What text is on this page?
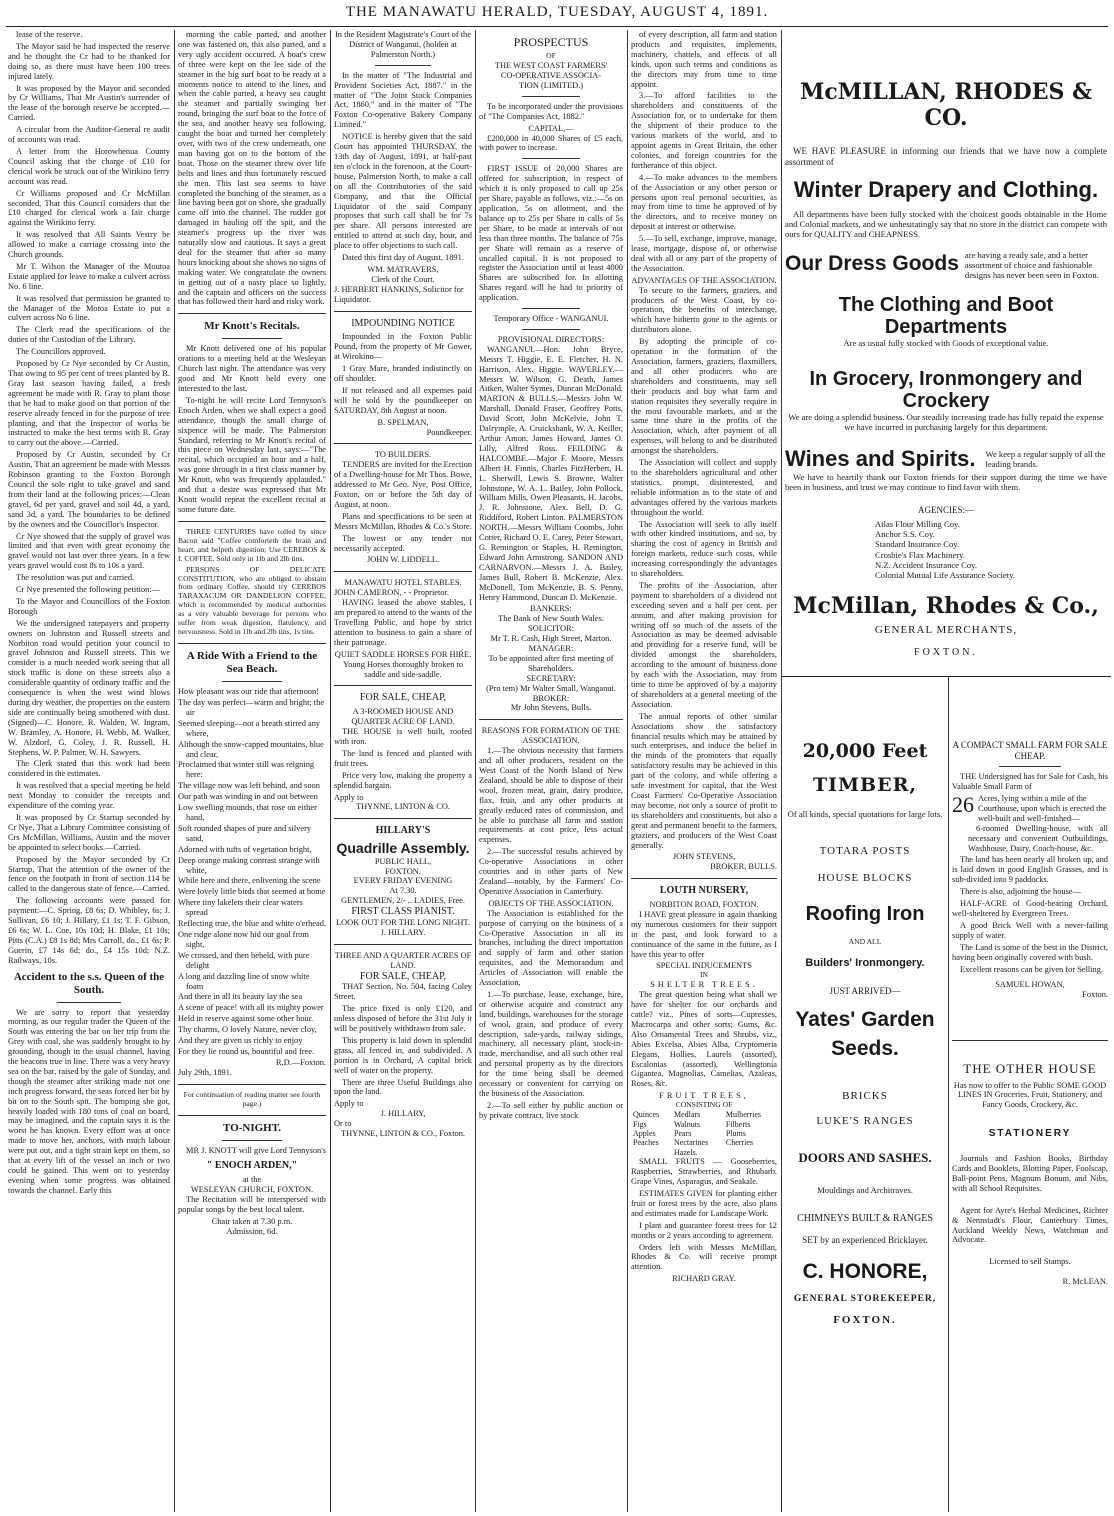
THE MANAWATU HERALD, TUESDAY, AUGUST 4, 1891.

lease of the reserve.

The Mayor said he had inspected the reserve and he thought the Cr had to be thanked for doing so, as there must have been 100 trees injured lately.

It was proposed by the Mayor and seconded by Cr Williams, That Mr Austin's surrender of the lease of the borough reserve be accepted.—Carried.

A circular from the Auditor-General re audit of accounts was read.

A letter from the Horowhenua County Council asking that the charge of £10 for clerical work be struck out of the Wirikino ferry account was read.

Cr Williams proposed and Cr McMillan seconded, That this Council considers that the £10 charged for clerical work a fair charge against the Wirikino ferry.

It was resolved that All Saints Vestry be allowed to make a carriage crossing into the Church grounds.

Mr T. Wilson the Manager of the Moutoa Estate applied for leave to make a culvert across No. 6 line.

It was resolved that permission be granted to the Manager of the Motoa Estate to put a culvert across No 6 line.

The Clerk read the specifications of the duties of the Custodian of the Library.

The Councillors approved.

Proposed by Cr Nye seconded by Cr Austin, That owing to 95 per cent of trees planted by R. Gray last season having failed, a fresh agreement be made with R. Gray to plant those that he had to make good on that portion of the reserve already fenced in for the purpose of tree planting, and that the Inspector of works be instructed to make the best terms with R. Gray to carry out the above.—Carried.

Proposed by Cr Austin, seconded by Cr Austin, That an agreement be made with Messrs Robinson granting to the Foxton Borough Council the sole right to take gravel and sand from their land at the following prices:—Clean gravel, 6d per yard, gravel and soil 4d, a yard, sand 3d, a yard. The boundaries to be defined by the owners and the Councillor's Inspector.

Cr Nye showed that the supply of gravel was limited and that even with great economy the gravel would not last over three years. In a few years gravel would cost 8s to 10s a yard.

The resolution was put and carried.

Cr Nye presented the following petition:—

To the Mayor and Councillors of the Foxton Borough

We the undersigned ratepayers and property owners on Johnston and Russell streets and Norbiton road would petition your council to gravel Johnston and Russell streets. This we consider is a much needed work seeing that all stock traffic is done on these streets also a considerable quantity of ordinary traffic and the consequence is when the west wind blows during dry weather, the properties on the eastern side are continually being smothered with dust. (Signed)—C. Honore, R. Walden, W. Ingram, W. Bramley, A. Honore, H. Webb, M. Walker, W. Alzdorf, G. Coley, J. R. Russell, H. Stephens, W. P. Palmer, W. H. Sawyers.

The Clerk stated that this work had been considered in the estimates.

It was resolved that a special meeting be held next Monday to consider the receipts and expenditure of the coming year.

It was proposed by Cr Startup seconded by Cr Nye, That a Library Committee consisting of Crs McMillan, Williams, Austin and the mover be appointed to select books.—Carried.

Proposed by the Mayor seconded by Cr Startup, That the attention of the owner of the fence on the footpath in front of section 114 be called to the dangerous state of fence.—Carried.

The following accounts were passed for payment:—C. Spring, £8 6s; D. Whibley, 6s; J. Sullivan, £6 10; J. Hillary, £1 1s; T. F. Gibson, £6 6s; W. L. Coe, 10s 10d; H. Blake, £1 10s; Pitts (C.A.) £8 1s 8d; Mrs Carroll, do., £1 6s; P. Guerin, £7 14s 6d; do., £4 15s 10d; N.Z. Railways, 10s.

Accident to the s.s. Queen of the South.

We are sorry to report that yesterday morning, as our regular trader the Queen of the South was entering the bar on her trip from the Grey with coal, she was suddenly brought to by grounding, though in the usual channel, having the beacons true in line. There was a very heavy sea on the bar, raised by the gale of Sunday, and though the steamer after striking made not one inch progress forward, the seas forced her bit by bit on to the South spit. The bumping she got, heavily loaded with 180 tons of coal on board, may be imagined, and the captain says it is the worst he has known. Every effort was at once made to move her, anchors, with much labour were put out, and a tight strain kept on them, so that at every lift of the vessel an inch or two could be gained. This went on to yesterday evening when some progress was obtained towards the channel. Early this

morning the cable parted, and another one was fastened on, this also parted, and a very ugly accident occurred. A boat's crew of three were kept on the lee side of the steamer in the big surf boat to be ready at a moments notice to attend to the lines, and when the cable parted, a heavy sea caught the steamer and partially swinging her round, bringing the surf boat to the force of the sea, and another heavy sea following, caught the boat and turned her completely over, with two of the crew underneath, one man having got on to the bottom of the boat. Those on the steamer threw over life belts and lines and thus fortunately rescued the men. This last sea seems to have completed the bunching of the steamer, as a line having been got on shore, she gradually came off into the channel. The rudder got damaged in hauling off the spit, and the steamer's progress up the river was naturally slow and cautious. It says a great deal for the steamer that after so many hours knocking about she shows no signs of making water. We congratulate the owners in getting out of a nasty place so lightly, and the captain and officers on the success that has followed their hard and risky work.

Mr Knott's Recitals.

Mr Knott delivered one of his popular orations to a meeting held at the Wesleyan Church last night. The attendance was very good and Mr Knott held every one interested to the last.

To-night he will recite Lord Tennyson's Enoch Arden, when we shall expect a good attendance, though the small charge of sixpence will be made. The Palmerston Standard, referring to Mr Knott's recital of this piece on Wednesday last, says:—"The recital, which occupied an hour and a half, was gone through in a first class manner by Mr Knott, who was frequently applauded." and that a desire was expressed that Mr Knott would repeat the excellent recital at some future date.

THREE CENTURIES have rolled by since Bacon said "Coffee comforteth the brain and heart, and helpeth digestion; Use CEREBOS & I. COFFEE. Sold only in 1lb and 2lb tins.

PERSONS OF DELICATE CONSTITUTION, who are obliged to abstain from ordinary Coffee, should try CEREBOS TARAXACUM OR DANDELION COFFEE, which is recommended by medical authorities as a very valuable beverage for persons who suffer from weak digestion, flatulency, and nervousness. Sold in 1lb and 2lb tins, 1s tins.

A Ride With a Friend to the Sea Beach.

How pleasant was our ride that afternoon!

The day was perfect—warm and bright; the air

Seemed sleeping—not a breath stirred any where,

Although the snow-capped mountains, blue and clear,

Proclaimed that winter still was reigning here:

The village now was left behind, and soon

Our path was winding in and out between

Low swelling mounds, that rose on either hand,

Soft rounded shapes of pure and silvery sand,

Adorned with tufts of vegetation bright,

Deep orange making contrast strange with white,

While here and there, enlivening the scene

Were lovely little birds that seemed at home

Where tiny lakelets their clear waters spread

Reflecting true, the blue and white o'erhead.

One ridge alone now hid our goal from sight,

We crossed, and then beheld, with pure delight

A long and dazzling line of snow white foam

And there in all its beauty lay the sea

A scene of peace! with all its mighty power

Held in reserve against some other hour.

Thy charms, O lovely Nature, never cloy,

And they are given us richly to enjoy

For they lie round us, bountiful and free.

R.D.—Foxton.
July 29th, 1891.
For continuation of reading matter see fourth page.)
TO-NIGHT.

MR J. KNOTT will give Lord Tennyson's

" ENOCH ARDEN,"
at the
WESLEYAN CHURCH, FOXTON.

The Recitation will be interspersed with popular songs by the best local talent.

Chair taken at 7.30 p.m.
Admission, 6d.

In the Resident Magistrate's Court of the District of Wanganui, (holden at Palmerston North.)

In the matter of "The Industrial and Provident Societies Act, 1887." in the matter of "The Joint Stock Companies Act, 1860," and in the matter of "The Foxton Co-operative Bakery Company Limited."

NOTICE is hereby given that the said Court has appointed THURSDAY, the 13th day of August, 1891, at half-past ten o'clock in the forenoon, at the Court-house, Palmerston North, to make a call on all the Contributories of the said Company, and that the Official Liquidator of the said Company proposes that such call shall be for 7s per share. All persons interested are entitled to attend at such day, hour, and place to offer objections to such call.

Dated this first day of August, 1891.

WM. MATRAVERS,
Clerk of the Court.
J. HERBERT HANKINS, Solicitor for Liquidator.
IMPOUNDING NOTICE

Impounded in the Foxton Public Pound, from the property of Mr Gower, at Wirokino—

1 Gray Mare, branded indistinctly on off shoulder.

If not released and all expenses paid will be sold by the poundkeeper on SATURDAY, 8th August at noon.

B. SPELMAN,
Poundkeeper.
TO BUILDERS.

TENDERS are invited for the Erection of a Dwelling-house for Mr Thos. Bowe, addressed to Mr Geo. Nye, Post Office, Foxton, on or before the 5th day of August, at noon.

Plans and specifications to be seen at Messrs McMillan, Rhodes & Co.'s Store.

The lowest or any tender not necessarily accepted.

JOHN W. LIDDELL.
MANAWATU HOTEL STABLES.
JOHN CAMERON, - - Proprietor.

HAVING leased the above stables, I am prepared to attend to the wants of the Travelling Public, and hope by strict attention to business to gain a share of their patronage.

QUIET SADDLE HORSES FOR HIRE.

Young Horses thoroughly broken to saddle and side-saddle.

FOR SALE, CHEAP,
A 3-ROOMED HOUSE AND QUARTER ACRE OF LAND.

THE HOUSE is well built, roofed with iron.

The land is fenced and planted with fruit trees.

Price very low, making the property a splendid bargain.

Apply to
THYNNE, LINTON & CO.
HILLARY'S
Quadrille Assembly.
PUBLIC HALL,
FOXTON.
EVERY FRIDAY EVENING
At 7.30.
GENTLEMEN, 2/- .. LADIES, Free.
FIRST CLASS PIANIST.
LOOK OUT FOR THE LONG NIGHT.
J. HILLARY.
THREE AND A QUARTER ACRES OF LAND.
FOR SALE, CHEAP,

THAT Section, No. 504, facing Coley Street.

The price fixed is only £120, and unless disposed of before the 31st July it will be positively withdrawn from sale.

This property is laid down in splendid grass, all fenced in, and subdivided. A portion is in Orchard, A capital brick well of water on the property.

There are three Useful Buildings also upon the land.

Apply to
J. HILLARY,
Or to
THYNNE, LINTON & CO., Foxton.
PROSPECTUS
OF
THE WEST COAST FARMERS'
CO-OPERATIVE ASSOCIA-
TION (LIMITED.)

To be incorporated under the provisions of "The Companies Act, 1882."

CAPITAL,—

£200,000 in 40,000 Shares of £5 each, with power to increase.

FIRST ISSUE of 20,000 Shares are offered for subscription, in respect of which it is only proposed to call up 25s per Share, payable as follows, viz.:—5s on application, 5s on allotment, and the balance up to 25s per Share in calls of 5s per Share, to be made at intervals of not less than three months. The balance of 75s per Share will remain as a reserve of uncalled capital. It is not proposed to register the Association until at least 4000 Shares are subscribed for. In allotting Shares regard will be had to priority of application.

Temporary Office - WANGANUI.
PROVISIONAL DIRECTORS:

WANGANUI.—Hon. John Bryce, Messrs T. Higgie, E. E. Fletcher, H. N. Harrison, Alex. Higgie. WAVERLEY.—Messrs W. Wilson, G. Death, James Aitken, Walter Symes, Duncan McDonald. MARTON & BULLS.—Messrs John W. Marshall, Donald Fraser, Geoffrey Potts, David Scott, John McKelvie, John T. Dalrymple, A. Cruickshank, W. A. Keiller, Arthur Amon, James Howard, James O. Lilly, Alfred Ross. FEILDING & HALCOMBE.—Major F. Moore, Messrs Albert H. Finnis, Charles FitzHerbert, H. L. Sherwill, Lewis S. Browne, Walter Johnstone, W. A. L. Bailey, John Pollock, William Mills, Owen Pleasants, H. Jacobs, J. R. Johnstone, Alex. Bell, D. G. Riddiford, Robert Linton. PALMERSTON NORTH.—Messrs William Coombs, John Cotter, Richard O. E. Carey, Peter Stewart, G. Remington or Staples, H. Remington, Edward John Armstrong. SANDON AND CARNARVON.—Messrs J. A. Bailey, James Bull, Robert B. McKenzie, Alex. McDonell, Tom McKenzie, B. S. Penny, Henry Hammond, Duncan D. McKenzie.

BANKERS:
The Bank of New South Wales.
SOLICITOR:
Mr T. R. Cash, High Street, Marton.
MANAGER:
To be appointed after first meeting of Shareholders.
SECRETARY:
(Pro tem) Mr Walter Small, Wanganui.
BROKER:
Mr John Stevens, Bulls.
REASONS FOR FORMATION OF THE ASSOCIATION.

1.—The obvious necessity that farmers and all other producers, resident on the West Coast of the North Island of New Zealand, should be able to dispose of their wool, frozen meat, grain, dairy produce, flax, fruit, and any other products at greatly reduced rates of commission, and be able to purchase all farm and station requirements at cost price, less actual expenses.

2.—The successful results achieved by Co-operative Associations in other countries and in other parts of New Zealand—notably, by the Farmers' Co-Operative Association in Canterbury.

OBJECTS OF THE ASSOCIATION.

The Association is established for the purpose of carrying on the business of a Co-Operative Association in all its branches, including the direct importation and supply of farm and other station requisites, and the Memorandum and Articles of Association will enable the Association,

1.—To purchase, lease, exchange, hire, or otherwise acquire and construct any land, buildings, warehouses for the storage of wool, grain, and produce of every description, sale-yards, railway sidings, machinery, all necessary plant, stock-in-trade, merchandise, and all such other real and personal property as by the directors for the time being shall be deemed necessary or convenient for carrying on the business of the Association.

2.—To sell either by public auction or by private contract, live stock

of every description, all farm and station products and requisites, implements, machinery, chattels, and effects of all kinds, upon such terms and conditions as the directors may from time to time appoint.

3.—To afford facilities to the shareholders and constituents of the Association for, or to undertake for them the shipment of their produce to the various markets of the world, and to appoint agents in Great Britain, the other colonies, and foreign countries for the furtherance of this object.

4.—To make advances to the members of the Association or any other person or persons upon real personal securities, as may from time to time be approved of by the directors, and to receive money on deposit at interest or otherwise.

5.—To sell, exchange, improve, manage, lease, mortgage, dispose of, or otherwise deal with all or any part of the property of the Association.

ADVANTAGES OF THE ASSOCIATION.

To secure to the farmers, graziers, and producers of the West Coast, by co-operation, the benefits of interchange, which have hitherto gone to the agents or distributors alone.

By adopting the principle of co-operation in the formation of the Association, farmers, graziers, flaxmillers, and all other producers who are shareholders and constituents, may sell their products and buy what farm and station requisites they severally require in the most favourable markets, and at the same time share in the profits of the Association, which, after payment of all expenses, will belong to and be distributed amongst the shareholders.

The Association will collect and supply to the shareholders agricultural and other statistics, prompt, disinterested, and reliable information as to the state of and advantages offered by the various markets throughout the world.

The Association will seek to ally itself with other kindred institutions, and so, by sharing the cost of agency in British and foreign markets, reduce such costs, while increasing correspondingly the advantages to shareholders.

The profits of the Association, after payment to shareholders of a dividend not exceeding seven and a half per cent. per annum, and after making provision for writing off so much of the assets of the Association as may be deemed advisable and providing for a reserve fund, will be divided amongst the shareholders, according to the amount of business done by each with the Association, may from time to time be approved of by a majority of shareholders at a general meeting of the Association.

The annual reports of other similar Associations show the satisfactory financial results which may be attained by such enterprises, and induce the belief in the minds of the promoters that equally satisfactory results may be achieved in this part of the colony, and while offering a safe investment for capital, that the West Coast Farmers' Co-Operative Association may become, not only a source of profit to its shareholders and constituents, but also a great and permanent benefit to the farmers, graziers, and producers of the West Coast generally.

JOHN STEVENS,
BROKER, BULLS.
LOUTH NURSERY,
NORBITON ROAD, FOXTON.

I HAVE great pleasure in again thanking my numerous customers for their support in the past, and look forward to a continuance of the same in the future, as I have this year to offer

SPECIAL INDUCEMENTS
IN
SHELTER TREES.

The great question being what shall we have for shelter for our orchards and cattle? viz., Pines of sorts—Cupresses, Macrocarpa and other sorts; Gums, &c. Also Ornamental Trees and Shrubs, viz., Abies Excelsa, Abies Alba, Cryptomeria Elegans, Hollies, Laurels (assorted), Escalonias (assorted), Wellingtonia Gigantea, Magnolias, Camelias, Azaleas, Roses, &c.

FRUIT TREES,
CONSISTING OF
Quinces	Medlars	Mulberries
Figs	Walnuts	Filberts
Apples	Pears	Plums
Peaches	Nectarines	Cherries
	Hazels.	

SMALL FRUITS — Gooseberries, Raspberries, Strawberries, and Rhubarb. Grape Vines, Asparagus, and Seakale.

ESTIMATES GIVEN for planting either fruit or forest trees by the acre, also plans and estimates made for Landscape Work.

I plant and guarantee forest trees for 12 months or 2 years according to agreement.

Orders left with Messrs McMillan, Rhodes & Co. will receive prompt attention.

RICHARD GRAY.
McMILLAN, RHODES & CO.

WE HAVE PLEASURE in informing our friends that we have now a complete assortment of

Winter Drapery and Clothing.

All departments have been fully stocked with the choicest goods obtainable in the Home and Colonial markets, and we unhesitatingly say that no store in the district can compete with ours for QUALITY and CHEAPNESS.

Our Dress Goods are having a ready sale, and a better assortment of choice and fashionable designs has never been seen in Foxton.
The Clothing and Boot Departments
Are as usual fully stocked with Goods of exceptional value.
In Grocery, Ironmongery and Crockery

We are doing a splendid business. Our steadily increasing trade has fully repaid the expense we have incurred in purchasing largely for this department.

Wines and Spirits. We keep a regular supply of all the leading brands.

We have to heartily thank our Foxton friends for their support during the time we have been in business, and trust we may continue to find favor with them.

AGENCIES:—
Atlas Flour Milling Coy.
Anchor S.S. Coy.
Standard Insurance Coy.
Crosbie's Flax Machinery.
N.Z. Accident Insurance Coy.
Colonial Mutual Life Assurance Society.
McMillan, Rhodes & Co.,
GENERAL MERCHANTS,
FOXTON.
20,000 Feet
TIMBER,
Of all kinds, special quotations for large lots.
TOTARA POSTS
HOUSE BLOCKS
Roofing Iron
AND ALL
Builders' Ironmongery.
JUST ARRIVED—
Yates' Garden Seeds.
BRICKS
LUKE'S RANGES
DOORS AND SASHES.
Mouldings and Architraves.
CHIMNEYS BUILT & RANGES
SET by an experienced Bricklayer.
C. HONORE,
GENERAL STOREKEEPER,
FOXTON.
A COMPACT SMALL FARM FOR SALE CHEAP.

THE Undersigned has for Sale for Cash, his Valuable Small Farm of

26 Acres, lying within a mile of the Courthouse, upon which is erected the well-built and well-finished—

6-roomed Dwelling-house, with all necessary and convenient Outbuildings, Washhouse, Dairy, Coach-house, &c.

The land has been nearly all broken up, and is laid down in good English Grasses, and is sub-divided into 9 paddocks.

There is also, adjoining the house—

HALF-ACRE of Good-bearing Orchard, well-sheltered by Evergreen Trees.

A good Brick Well with a never-failing supply of water.

The Land is some of the best in the District, having been originally covered with bush.

Excellent reasons can be given for Selling.

SAMUEL HOWAN,
Foxton.
THE OTHER HOUSE

Has now to offer to the Public SOME GOOD LINES IN Groceries, Fruit, Stationery, and Fancy Goods, Crockery, &c.

STATIONERY

Journals and Fashion Books, Birthday Cards and Booklets, Blotting Paper, Foolscap, Ball-point Pens, Magnum Bonum, and Nibs, with all School Requisites.

Agent for Ayre's Herbal Medicines, Richter & Nennstadt's Flour, Canterbury Times, Auckland Weekly News, Watchman and Advocate.

Licensed to sell Stamps.
R. McLEAN.
